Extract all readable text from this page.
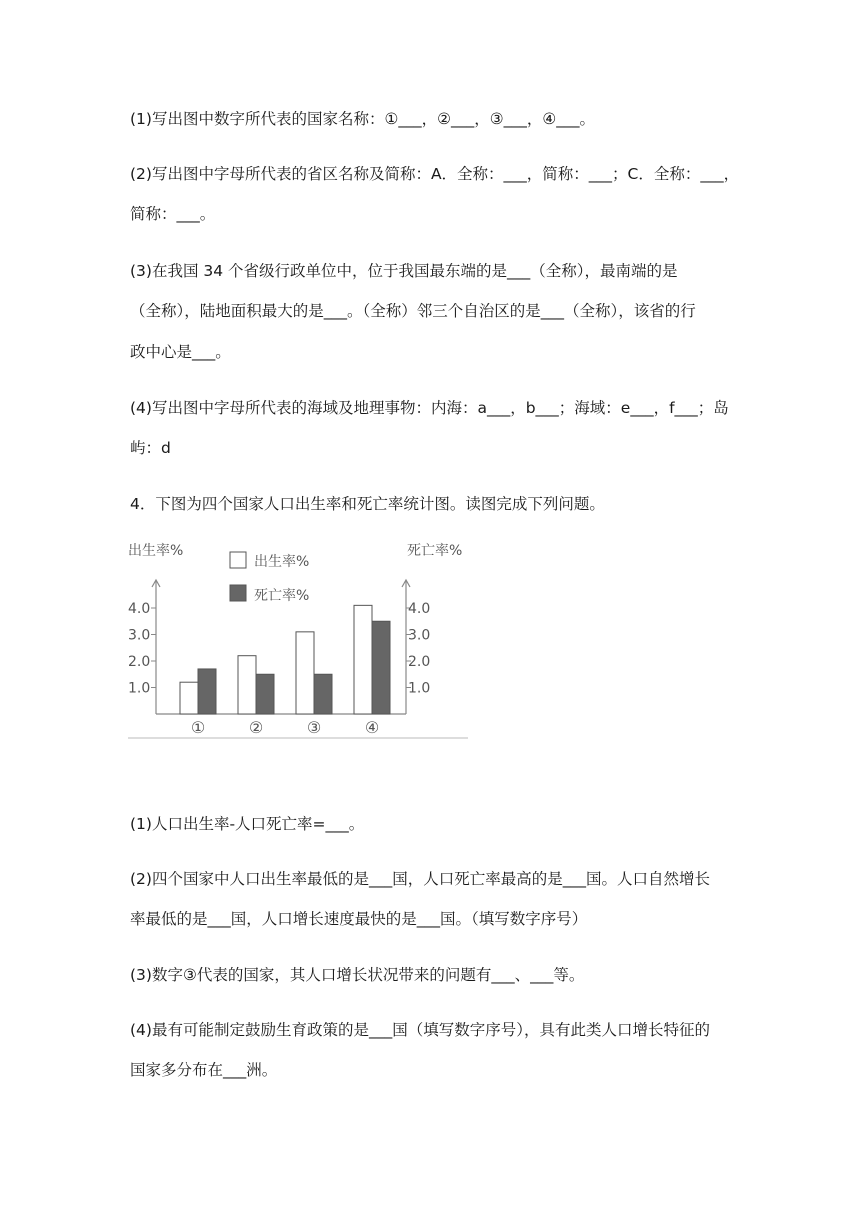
(1)写出图中数字所代表的国家名称：①___，②___，③___，④___。
(2)写出图中字母所代表的省区名称及简称：A．全称：___，简称：___；C．全称：___，
简称：___。
(3)在我国 34 个省级行政单位中，位于我国最东端的是___（全称），最南端的是
（全称），陆地面积最大的是___。（全称）邻三个自治区的是___（全称），该省的行
政中心是___。
(4)写出图中字母所代表的海域及地理事物：内海：a___，b___；海域：e___，f___；岛
屿：d
4．下图为四个国家人口出生率和死亡率统计图。读图完成下列问题。
出生率%	死亡率%
1.0	1.0
2.0	2.0
3.0	3.0
4.0	4.0
出生率%
死亡率%
①	②	③	④
(1)人口出生率-人口死亡率=___。
(2)四个国家中人口出生率最低的是___国，人口死亡率最高的是___国。人口自然增长
率最低的是___国，人口增长速度最快的是___国。（填写数字序号）
(3)数字③代表的国家，其人口增长状况带来的问题有___、___等。
(4)最有可能制定鼓励生育政策的是___国（填写数字序号），具有此类人口增长特征的
国家多分布在___洲。
